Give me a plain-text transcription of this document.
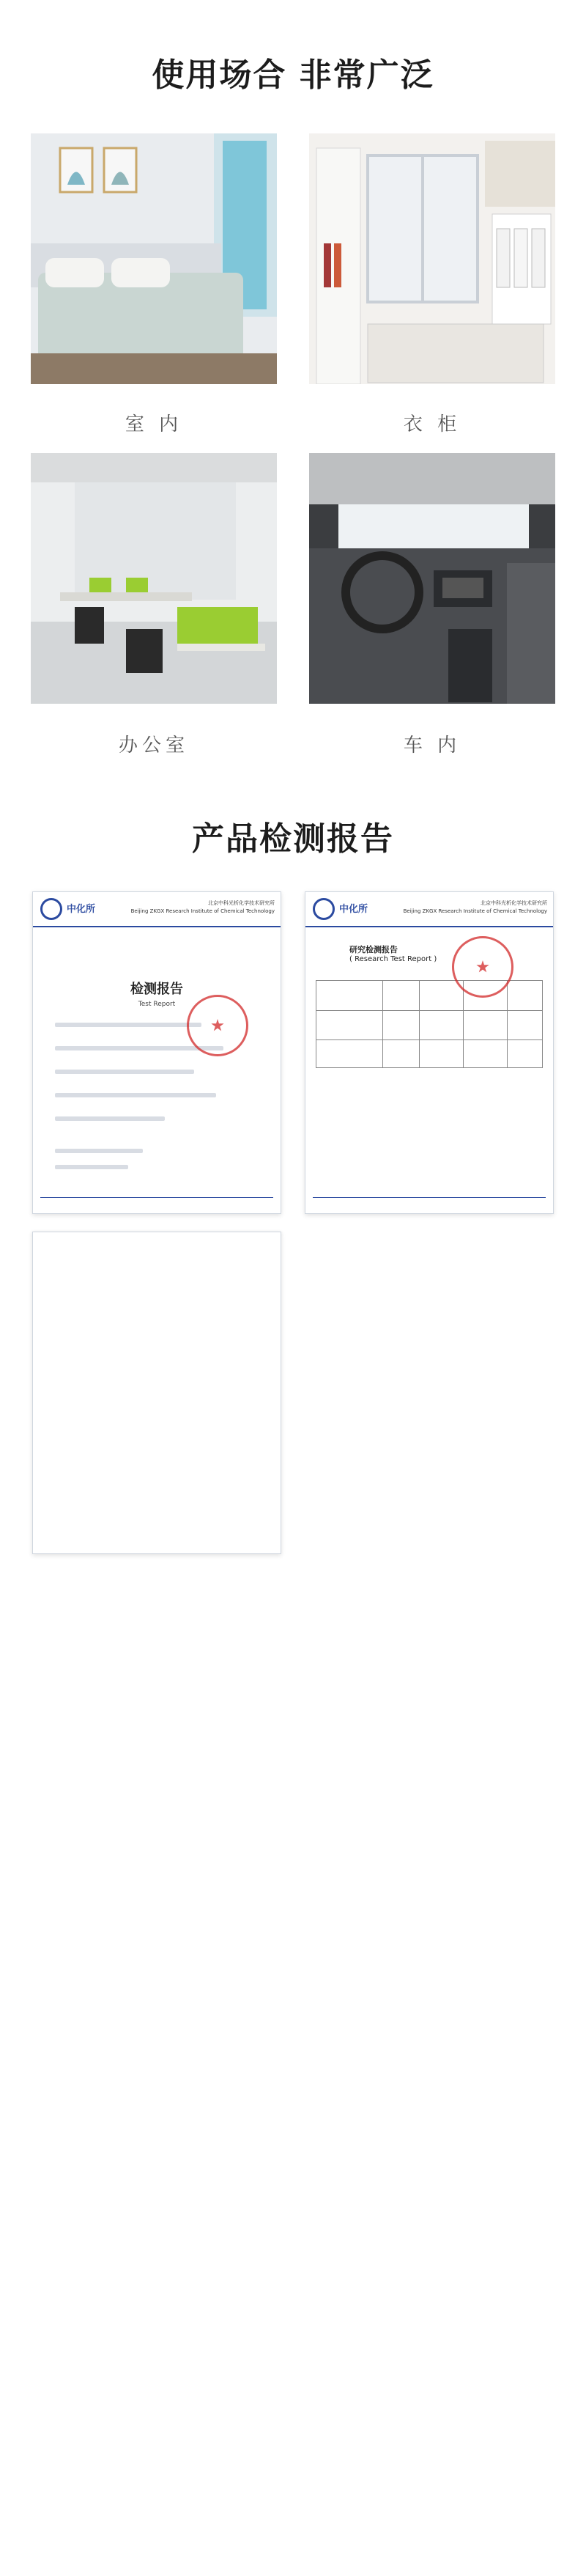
使用场合 非常广泛
室 内	衣 柜
办公室	车 内
产品检测报告
中化所
北京中科光析化学技术研究所
Beijing ZKGX Research Institute of Chemical Technology
检测报告
Test Report
中化所
北京中科光析化学技术研究所
Beijing ZKGX Research Institute of Chemical Technology
研究检测报告
( Research Test Report )
